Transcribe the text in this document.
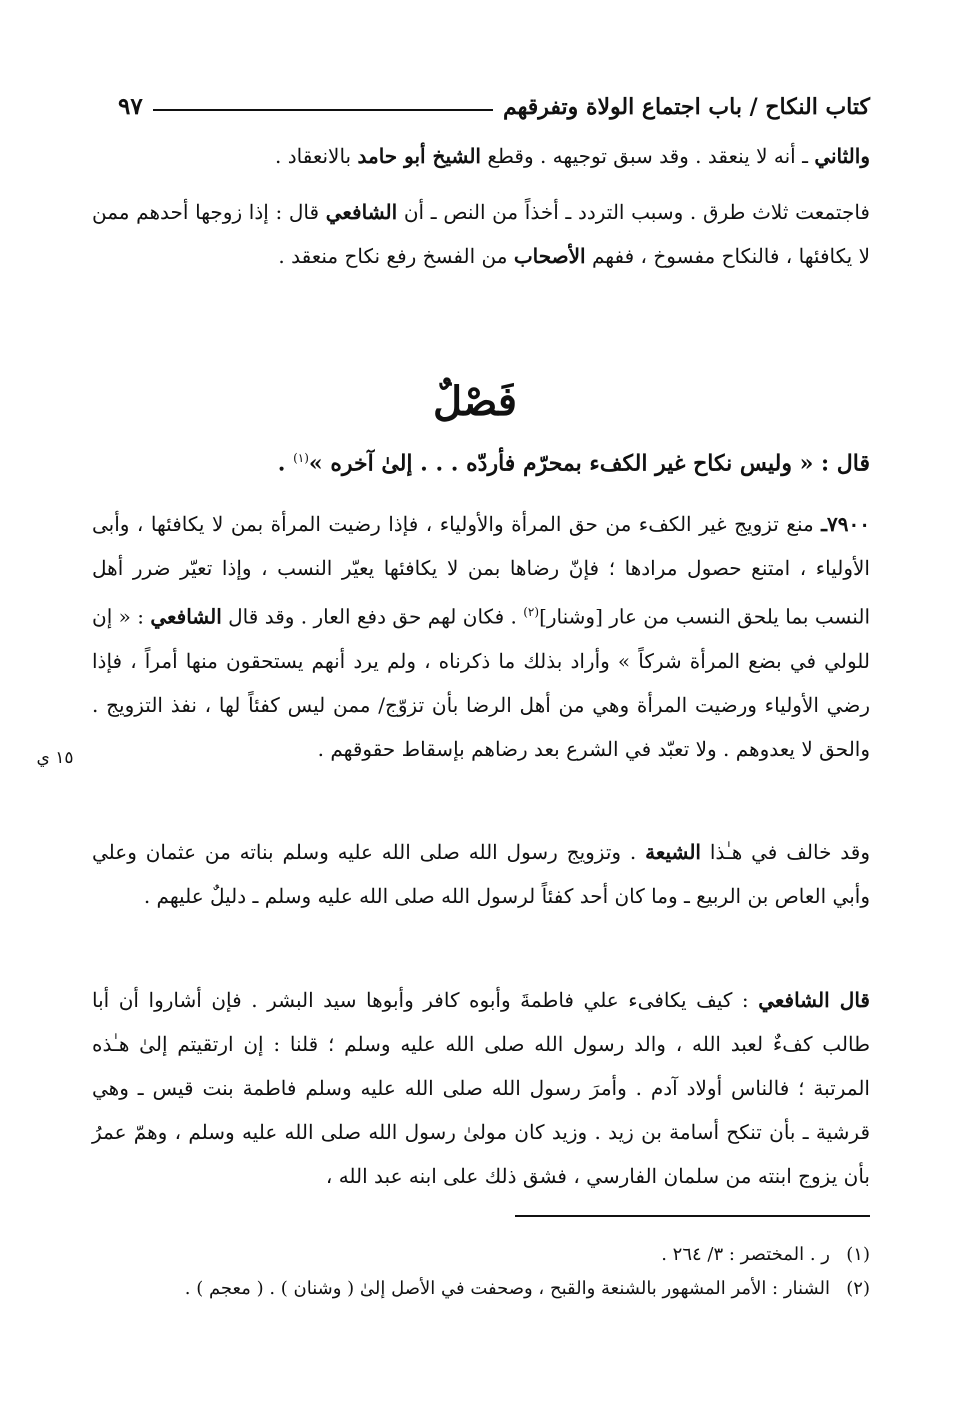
كتاب النكاح / باب اجتماع الولاة وتفرقهم
٩٧

والثاني ـ أنه لا ينعقد . وقد سبق توجيهه . وقطع الشيخ أبو حامد بالانعقاد .

فاجتمعت ثلاث طرق . وسبب التردد ـ أخذاً من النص ـ أن الشافعي قال : إذا زوجها أحدهم ممن لا يكافئها ، فالنكاح مفسوخ ، ففهم الأصحاب من الفسخ رفع نكاح منعقد .

فَصْلٌ
قال : « وليس نكاح غير الكفء بمحرّم فأردّه . . . إلىٰ آخره »$^{(١)}$ .

٧٩٠٠ـ منع تزويج غير الكفء من حق المرأة والأولياء ، فإذا رضيت المرأة بمن لا يكافئها ، وأبى الأولياء ، امتنع حصول مرادها ؛ فإنّ رضاها بمن لا يكافئها يعيّر النسب ، وإذا تعيّر ضرر أهل النسب بما يلحق النسب من عار [وشنار]$^{(٢)}$ . فكان لهم حق دفع العار . وقد قال الشافعي : « إن للولي في بضع المرأة شركاً » وأراد بذلك ما ذكرناه ، ولم يرد أنهم يستحقون منها أمراً ، فإذا رضي الأولياء ورضيت المرأة وهي من أهل الرضا بأن تزوّج/ ممن ليس كفئاً لها ، نفذ التزويج . والحق لا يعدوهم . ولا تعبّد في الشرع بعد رضاهم بإسقاط حقوقهم .

١٥ ي

وقد خالف في هـٰذا الشيعة . وتزويج رسول الله صلى الله عليه وسلم بناته من عثمان وعلي وأبي العاص بن الربيع ـ وما كان أحد كفئاً لرسول الله صلى الله عليه وسلم ـ دليلٌ عليهم .

قال الشافعي : كيف يكافىء علي فاطمةَ وأبوه كافر وأبوها سيد البشر . فإن أشاروا أن أبا طالب كفءٌ لعبد الله ، والد رسول الله صلى الله عليه وسلم ؛ قلنا : إن ارتقيتم إلىٰ هـٰذه المرتبة ؛ فالناس أولاد آدم . وأمرَ رسول الله صلى الله عليه وسلم فاطمة بنت قيس ـ وهي قرشية ـ بأن تنكح أسامة بن زيد . وزيد كان مولىٰ رسول الله صلى الله عليه وسلم ، وهمّ عمرُ بأن يزوج ابنته من سلمان الفارسي ، فشق ذلك على ابنه عبد الله ،

(١)ر . المختصر : ٣/ ٢٦٤ .
(٢)الشنار : الأمر المشهور بالشنعة والقبح ، وصحفت في الأصل إلىٰ ( وشنان ) . ( معجم ) .
